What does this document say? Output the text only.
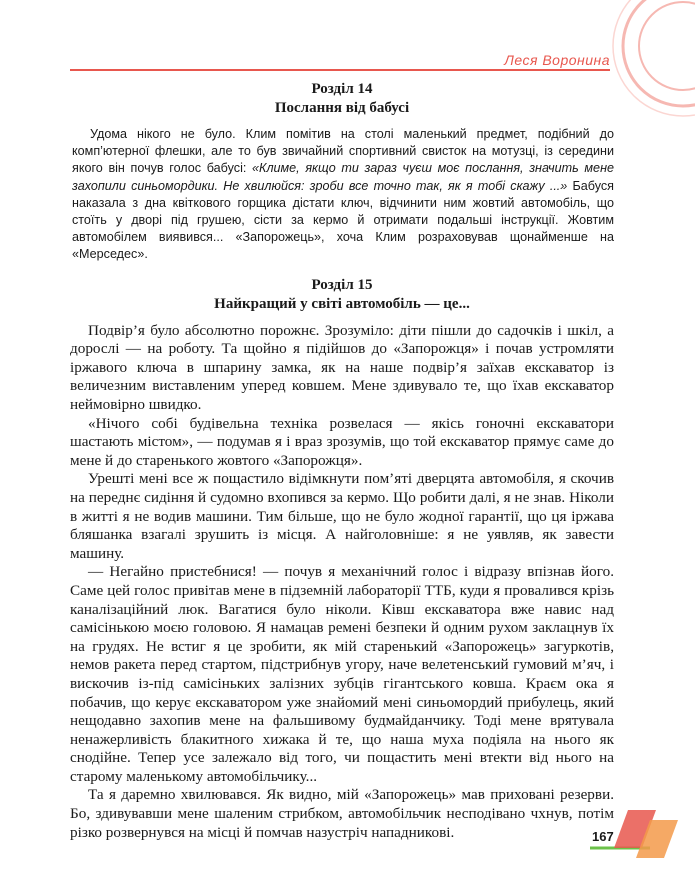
Леся Воронина
Розділ 14
Послання від бабусі

Удома нікого не було. Клим помітив на столі маленький предмет, подібний до комп’ютерної флешки, але то був звичайний спортивний свисток на мотузці, із середини якого він почув голос бабусі: «Климе, якщо ти зараз чуєш моє послання, значить мене захопили синьомордики. Не хвилюйся: зроби все точно так, як я тобі скажу ...» Бабуся наказала з дна квіткового горщика дістати ключ, відчинити ним жовтий автомобіль, що стоїть у дворі під грушею, сісти за кермо й отримати подальші інструкції. Жовтим автомобілем виявився... «Запорожець», хоча Клим розраховував щонайменше на «Мерседес».

Розділ 15
Найкращий у світі автомобіль — це...

Подвір’я було абсолютно порожнє. Зрозуміло: діти пішли до садочків і шкіл, а дорослі — на роботу. Та щойно я підійшов до «Запорожця» і почав устромляти іржавого ключа в шпарину замка, як на наше подвір’я заїхав екскаватор із величезним виставленим уперед ковшем. Мене здивувало те, що їхав екскаватор неймовірно швидко.

«Нічого собі будівельна техніка розвелася — якісь гоночні екскаватори шастають містом», — подумав я і враз зрозумів, що той екскаватор прямує саме до мене й до старенького жовтого «Запорожця».

Урешті мені все ж пощастило відімкнути пом’яті дверцята автомобіля, я скочив на переднє сидіння й судомно вхопився за кермо. Що робити далі, я не знав. Ніколи в житті я не водив машини. Тим більше, що не було жодної гарантії, що ця іржава бляшанка взагалі зрушить із місця. А найголовніше: я не уявляв, як завести машину.

— Негайно пристебнися! — почув я механічний голос і відразу впізнав його. Саме цей голос привітав мене в підземній лабораторії ТТБ, куди я провалився крізь каналізаційний люк. Вагатися було ніколи. Ківш екскаватора вже навис над самісінькою моєю головою. Я намацав ремені безпеки й одним рухом заклацнув їх на грудях. Не встиг я це зробити, як мій старенький «Запорожець» загуркотів, немов ракета перед стартом, підстрибнув угору, наче велетенський гумовий м’яч, і вискочив із-під самісіньких залізних зубців гігантського ковша. Краєм ока я побачив, що керує екскаватором уже знайомий мені синьомордий прибулець, який нещодавно захопив мене на фальшивому будмайданчику. Тоді мене врятувала ненажерливість блакитного хижака й те, що наша муха подіяла на нього як снодійне. Тепер усе залежало від того, чи пощастить мені втекти від нього на старому маленькому автомобільчику...

Та я даремно хвилювався. Як видно, мій «Запорожець» мав приховані резерви. Бо, здивувавши мене шаленим стрибком, автомобільчик несподівано чхнув, потім різко розвернувся на місці й помчав назустріч нападникові.	167
